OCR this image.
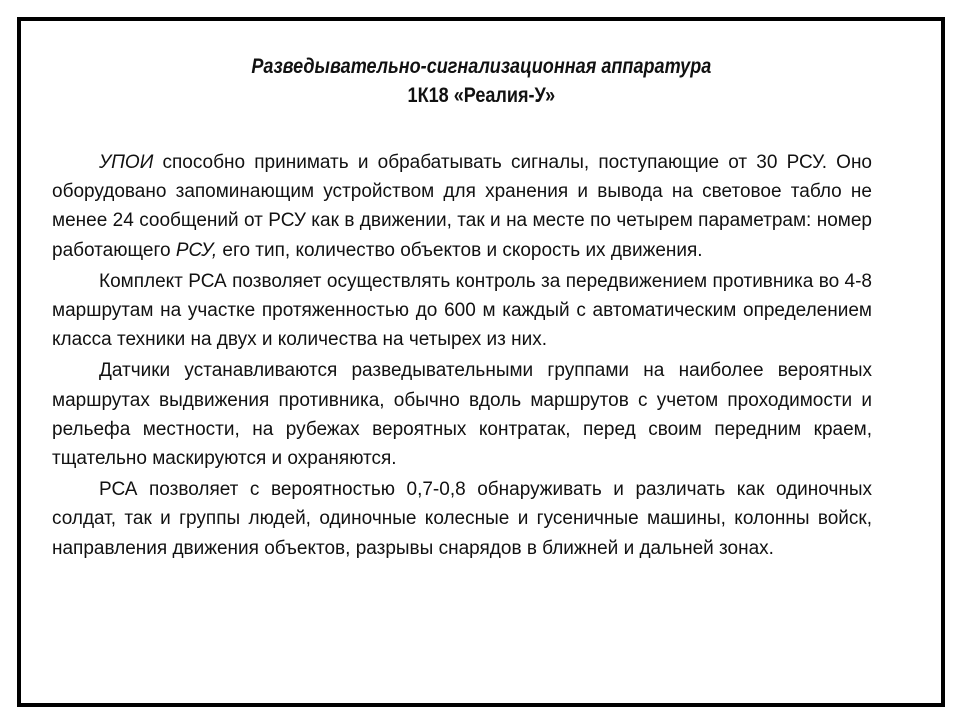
Разведывательно-сигнализационная аппаратура
1К18 «Реалия-У»

УПОИ способно принимать и обрабатывать сигналы, поступающие от 30 РСУ. Оно оборудовано запоминающим устройством для хранения и вывода на световое табло не менее 24 сообщений от РСУ как в движении, так и на месте по четырем параметрам: номер работающего РСУ, его тип, количество объектов и скорость их движения.

Комплект РСА позволяет осуществлять контроль за передвижением противника во 4-8 маршрутам на участке протяженностью до 600 м каждый с автоматическим определением класса техники на двух и количества на четырех из них.

Датчики устанавливаются разведывательными группами на наиболее вероятных маршрутах выдвижения противника, обычно вдоль маршрутов с учетом проходимости и рельефа местности, на рубежах вероятных контратак, перед своим передним краем, тщательно маскируются и охраняются.

РСА позволяет с вероятностью 0,7-0,8 обнаруживать и различать как одиночных солдат, так и группы людей, одиночные колесные и гусеничные машины, колонны войск, направления движения объектов, разрывы снарядов в ближней и дальней зонах.
